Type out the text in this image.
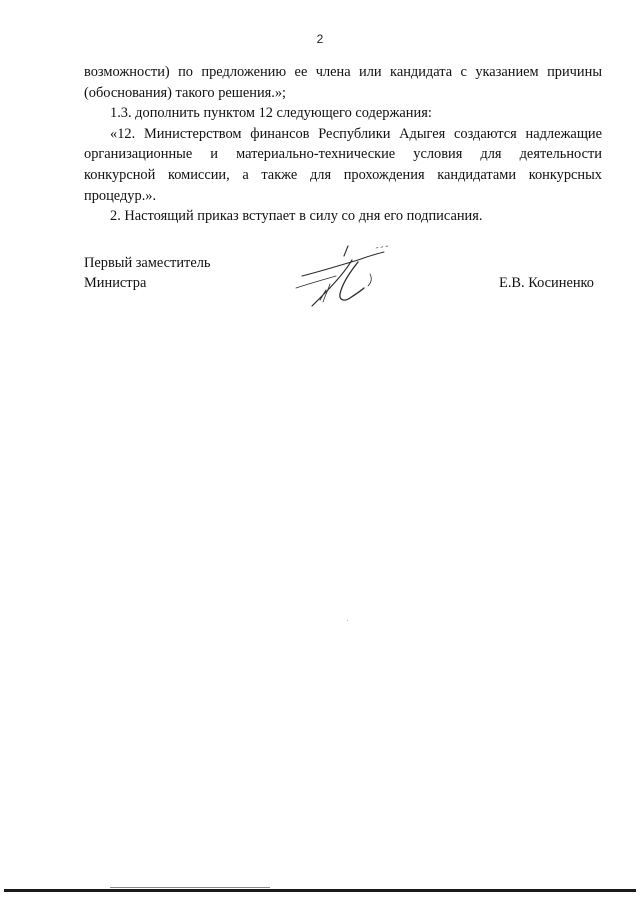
2

возможности) по предложению ее члена или кандидата с указанием причины

(обоснования) такого решения.»;

1.3. дополнить пунктом 12 следующего содержания:

«12. Министерством финансов Республики Адыгея создаются надлежащие

организационные и материально-технические условия для деятельности

конкурсной комиссии, а также для прохождения кандидатами конкурсных

процедур.».

2. Настоящий приказ вступает в силу со дня его подписания.

Первый заместитель
Министра	Е.В. Косиненко
